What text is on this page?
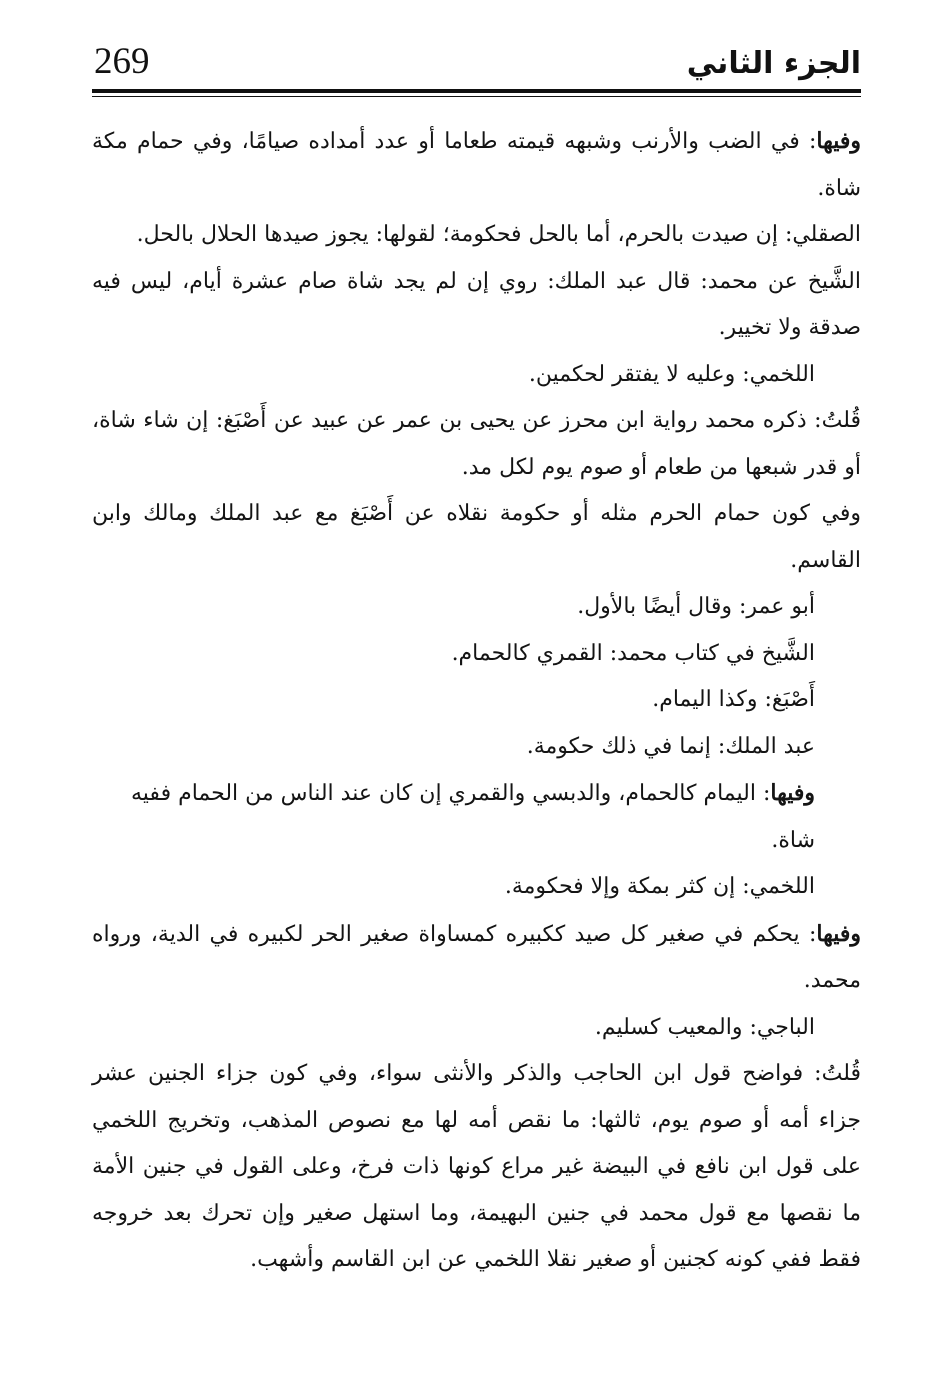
269	الجزء الثاني

وفيها: في الضب والأرنب وشبهه قيمته طعاما أو عدد أمداده صيامًا، وفي حمام مكة شاة.

الصقلي: إن صيدت بالحرم، أما بالحل فحكومة؛ لقولها: يجوز صيدها الحلال بالحل.

الشَّيخ عن محمد: قال عبد الملك: روي إن لم يجد شاة صام عشرة أيام، ليس فيه صدقة ولا تخيير.

اللخمي: وعليه لا يفتقر لحكمين.

قُلتُ: ذكره محمد رواية ابن محرز عن يحيى بن عمر عن عبيد عن أَصْبَغ: إن شاء شاة، أو قدر شبعها من طعام أو صوم يوم لكل مد.

وفي كون حمام الحرم مثله أو حكومة نقلاه عن أَصْبَغ مع عبد الملك ومالك وابن القاسم.

أبو عمر: وقال أيضًا بالأول.

الشَّيخ في كتاب محمد: القمري كالحمام.

أَصْبَغ: وكذا اليمام.

عبد الملك: إنما في ذلك حكومة.

وفيها: اليمام كالحمام، والدبسي والقمري إن كان عند الناس من الحمام ففيه شاة.

اللخمي: إن كثر بمكة وإلا فحكومة.

وفيها: يحكم في صغير كل صيد ككبيره كمساواة صغير الحر لكبيره في الدية، ورواه محمد.

الباجي: والمعيب كسليم.

قُلتُ: فواضح قول ابن الحاجب والذكر والأنثى سواء، وفي كون جزاء الجنين عشر جزاء أمه أو صوم يوم، ثالثها: ما نقص أمه لها مع نصوص المذهب، وتخريج اللخمي على قول ابن نافع في البيضة غير مراع كونها ذات فرخ، وعلى القول في جنين الأمة ما نقصها مع قول محمد في جنين البهيمة، وما استهل صغير وإن تحرك بعد خروجه فقط ففي كونه كجنين أو صغير نقلا اللخمي عن ابن القاسم وأشهب.
